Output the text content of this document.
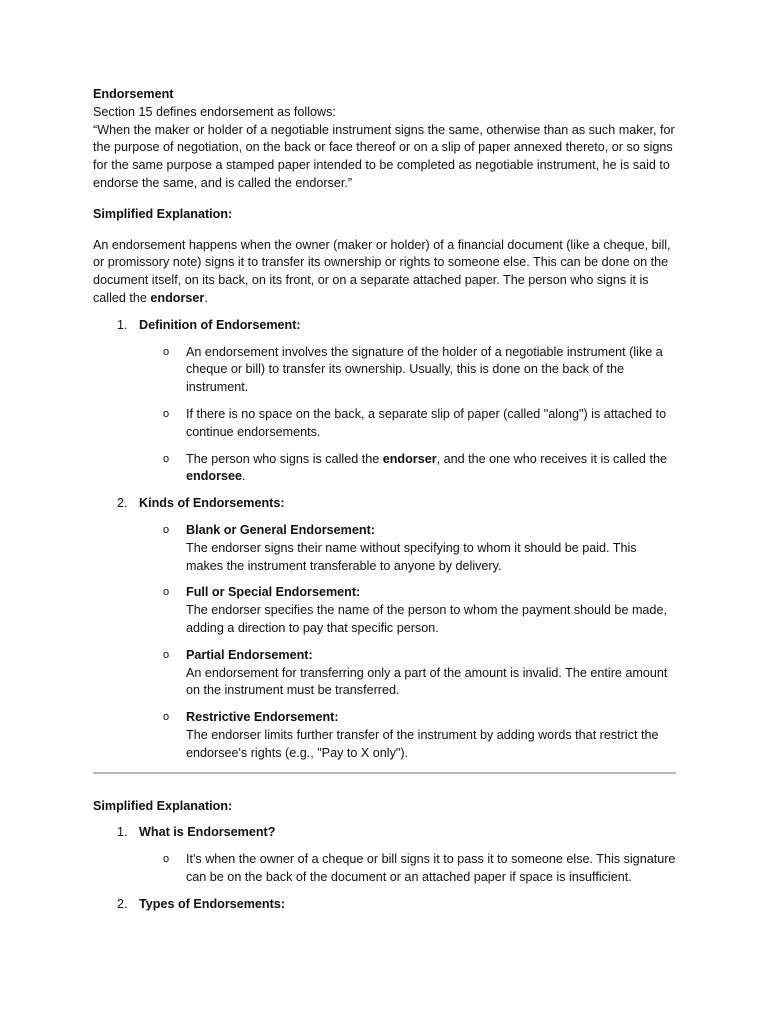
Endorsement

Section 15 defines endorsement as follows:

“When the maker or holder of a negotiable instrument signs the same, otherwise than as such maker, for the purpose of negotiation, on the back or face thereof or on a slip of paper annexed thereto, or so signs for the same purpose a stamped paper intended to be completed as negotiable instrument, he is said to endorse the same, and is called the endorser.”

Simplified Explanation:

An endorsement happens when the owner (maker or holder) of a financial document (like a cheque, bill, or promissory note) signs it to transfer its ownership or rights to someone else. This can be done on the document itself, on its back, on its front, or on a separate attached paper. The person who signs it is called the endorser.

1. Definition of Endorsement:
o An endorsement involves the signature of the holder of a negotiable instrument (like a cheque or bill) to transfer its ownership. Usually, this is done on the back of the instrument.
o If there is no space on the back, a separate slip of paper (called "along") is attached to continue endorsements.
o The person who signs is called the endorser, and the one who receives it is called the endorsee.
2. Kinds of Endorsements:
o Blank or General Endorsement:
The endorser signs their name without specifying to whom it should be paid. This makes the instrument transferable to anyone by delivery.
o Full or Special Endorsement:
The endorser specifies the name of the person to whom the payment should be made, adding a direction to pay that specific person.
o Partial Endorsement:
An endorsement for transferring only a part of the amount is invalid. The entire amount on the instrument must be transferred.
o Restrictive Endorsement:
The endorser limits further transfer of the instrument by adding words that restrict the endorsee's rights (e.g., "Pay to X only").

Simplified Explanation:

1. What is Endorsement?
o It's when the owner of a cheque or bill signs it to pass it to someone else. This signature can be on the back of the document or an attached paper if space is insufficient.
2. Types of Endorsements:
